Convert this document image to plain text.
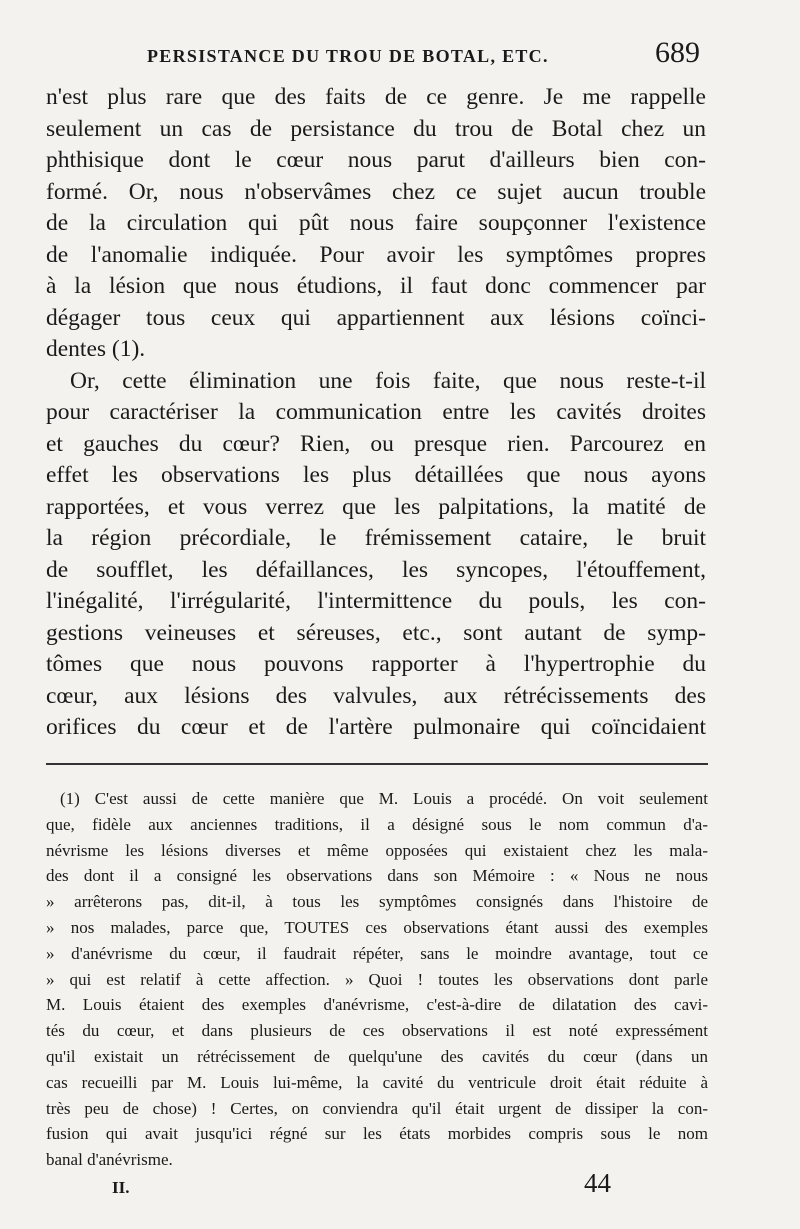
PERSISTANCE DU TROU DE BOTAL, ETC.	689
n'est plus rare que des faits de ce genre. Je me rappelle
seulement un cas de persistance du trou de Botal chez un
phthisique dont le cœur nous parut d'ailleurs bien con-
formé. Or, nous n'observâmes chez ce sujet aucun trouble
de la circulation qui pût nous faire soupçonner l'existence
de l'anomalie indiquée. Pour avoir les symptômes propres
à la lésion que nous étudions, il faut donc commencer par
dégager tous ceux qui appartiennent aux lésions coïnci-
dentes (1).
Or, cette élimination une fois faite, que nous reste-t-il
pour caractériser la communication entre les cavités droites
et gauches du cœur? Rien, ou presque rien. Parcourez en
effet les observations les plus détaillées que nous ayons
rapportées, et vous verrez que les palpitations, la matité de
la région précordiale, le frémissement cataire, le bruit
de soufflet, les défaillances, les syncopes, l'étouffement,
l'inégalité, l'irrégularité, l'intermittence du pouls, les con-
gestions veineuses et séreuses, etc., sont autant de symp-
tômes que nous pouvons rapporter à l'hypertrophie du
cœur, aux lésions des valvules, aux rétrécissements des
orifices du cœur et de l'artère pulmonaire qui coïncidaient
(1) C'est aussi de cette manière que M. Louis a procédé. On voit seulement
que, fidèle aux anciennes traditions, il a désigné sous le nom commun d'a-
névrisme les lésions diverses et même opposées qui existaient chez les mala-
des dont il a consigné les observations dans son Mémoire : « Nous ne nous
» arrêterons pas, dit-il, à tous les symptômes consignés dans l'histoire de
» nos malades, parce que, TOUTES ces observations étant aussi des exemples
» d'anévrisme du cœur, il faudrait répéter, sans le moindre avantage, tout ce
» qui est relatif à cette affection. » Quoi ! toutes les observations dont parle
M. Louis étaient des exemples d'anévrisme, c'est-à-dire de dilatation des cavi-
tés du cœur, et dans plusieurs de ces observations il est noté expressément
qu'il existait un rétrécissement de quelqu'une des cavités du cœur (dans un
cas recueilli par M. Louis lui-même, la cavité du ventricule droit était réduite à
très peu de chose) ! Certes, on conviendra qu'il était urgent de dissiper la con-
fusion qui avait jusqu'ici régné sur les états morbides compris sous le nom
banal d'anévrisme.
II.	44
